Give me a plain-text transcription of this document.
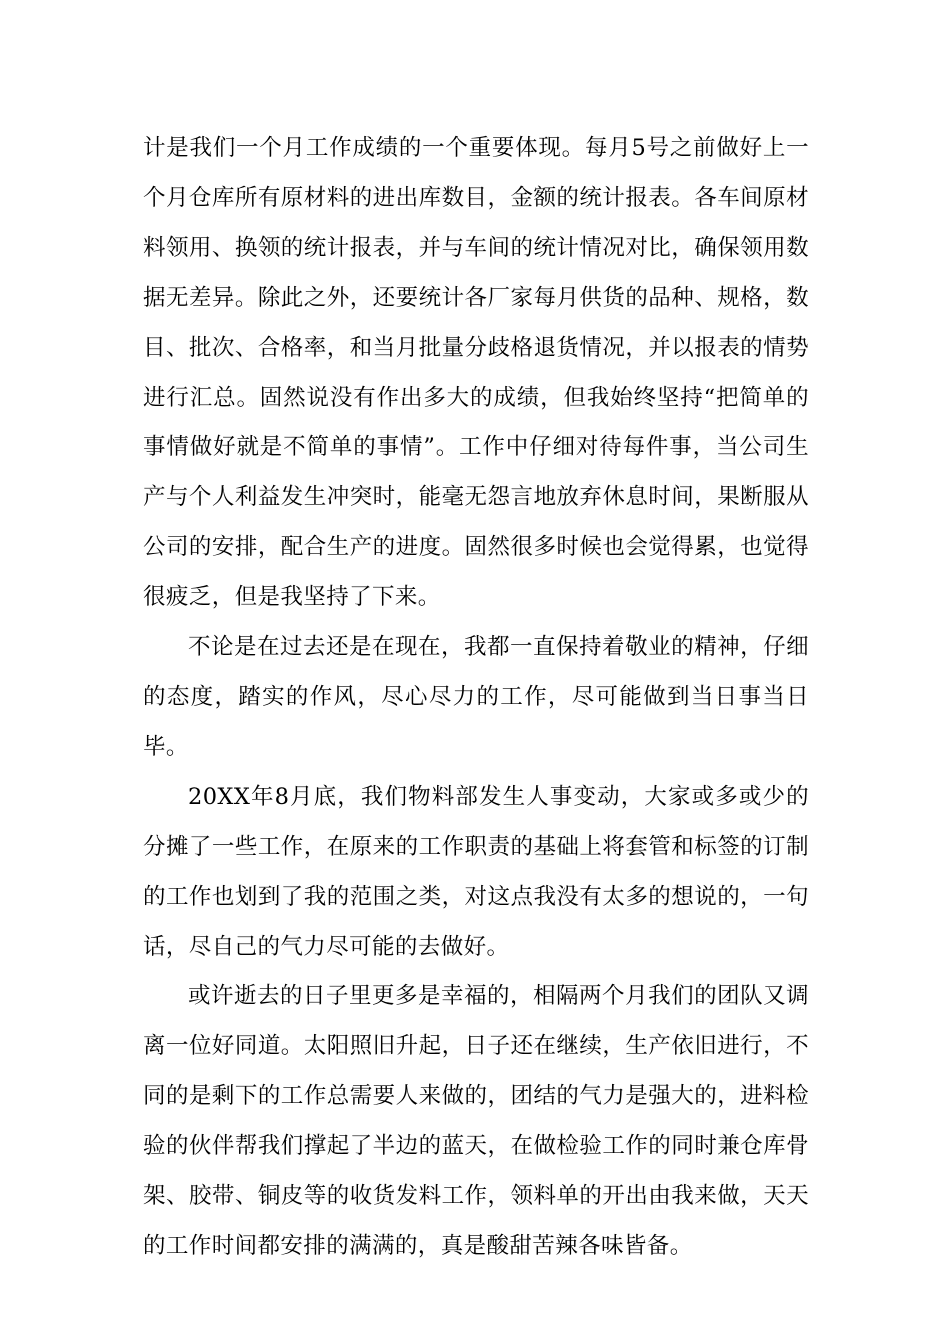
计是我们一个月工作成绩的一个重要体现。每月5号之前做好上一个月仓库所有原材料的进出库数目，金额的统计报表。各车间原材料领用、换领的统计报表，并与车间的统计情况对比，确保领用数据无差异。除此之外，还要统计各厂家每月供货的品种、规格，数目、批次、合格率，和当月批量分歧格退货情况，并以报表的情势进行汇总。固然说没有作出多大的成绩，但我始终坚持“把简单的事情做好就是不简单的事情”。工作中仔细对待每件事，当公司生产与个人利益发生冲突时，能毫无怨言地放弃休息时间，果断服从公司的安排，配合生产的进度。固然很多时候也会觉得累，也觉得很疲乏，但是我坚持了下来。

不论是在过去还是在现在，我都一直保持着敬业的精神，仔细的态度，踏实的作风，尽心尽力的工作，尽可能做到当日事当日毕。

20XX年8月底，我们物料部发生人事变动，大家或多或少的分摊了一些工作，在原来的工作职责的基础上将套管和标签的订制的工作也划到了我的范围之类，对这点我没有太多的想说的，一句话，尽自己的气力尽可能的去做好。

或许逝去的日子里更多是幸福的，相隔两个月我们的团队又调离一位好同道。太阳照旧升起，日子还在继续，生产依旧进行，不同的是剩下的工作总需要人来做的，团结的气力是强大的，进料检验的伙伴帮我们撑起了半边的蓝天，在做检验工作的同时兼仓库骨架、胶带、铜皮等的收货发料工作，领料单的开出由我来做，天天的工作时间都安排的满满的，真是酸甜苦辣各味皆备。
